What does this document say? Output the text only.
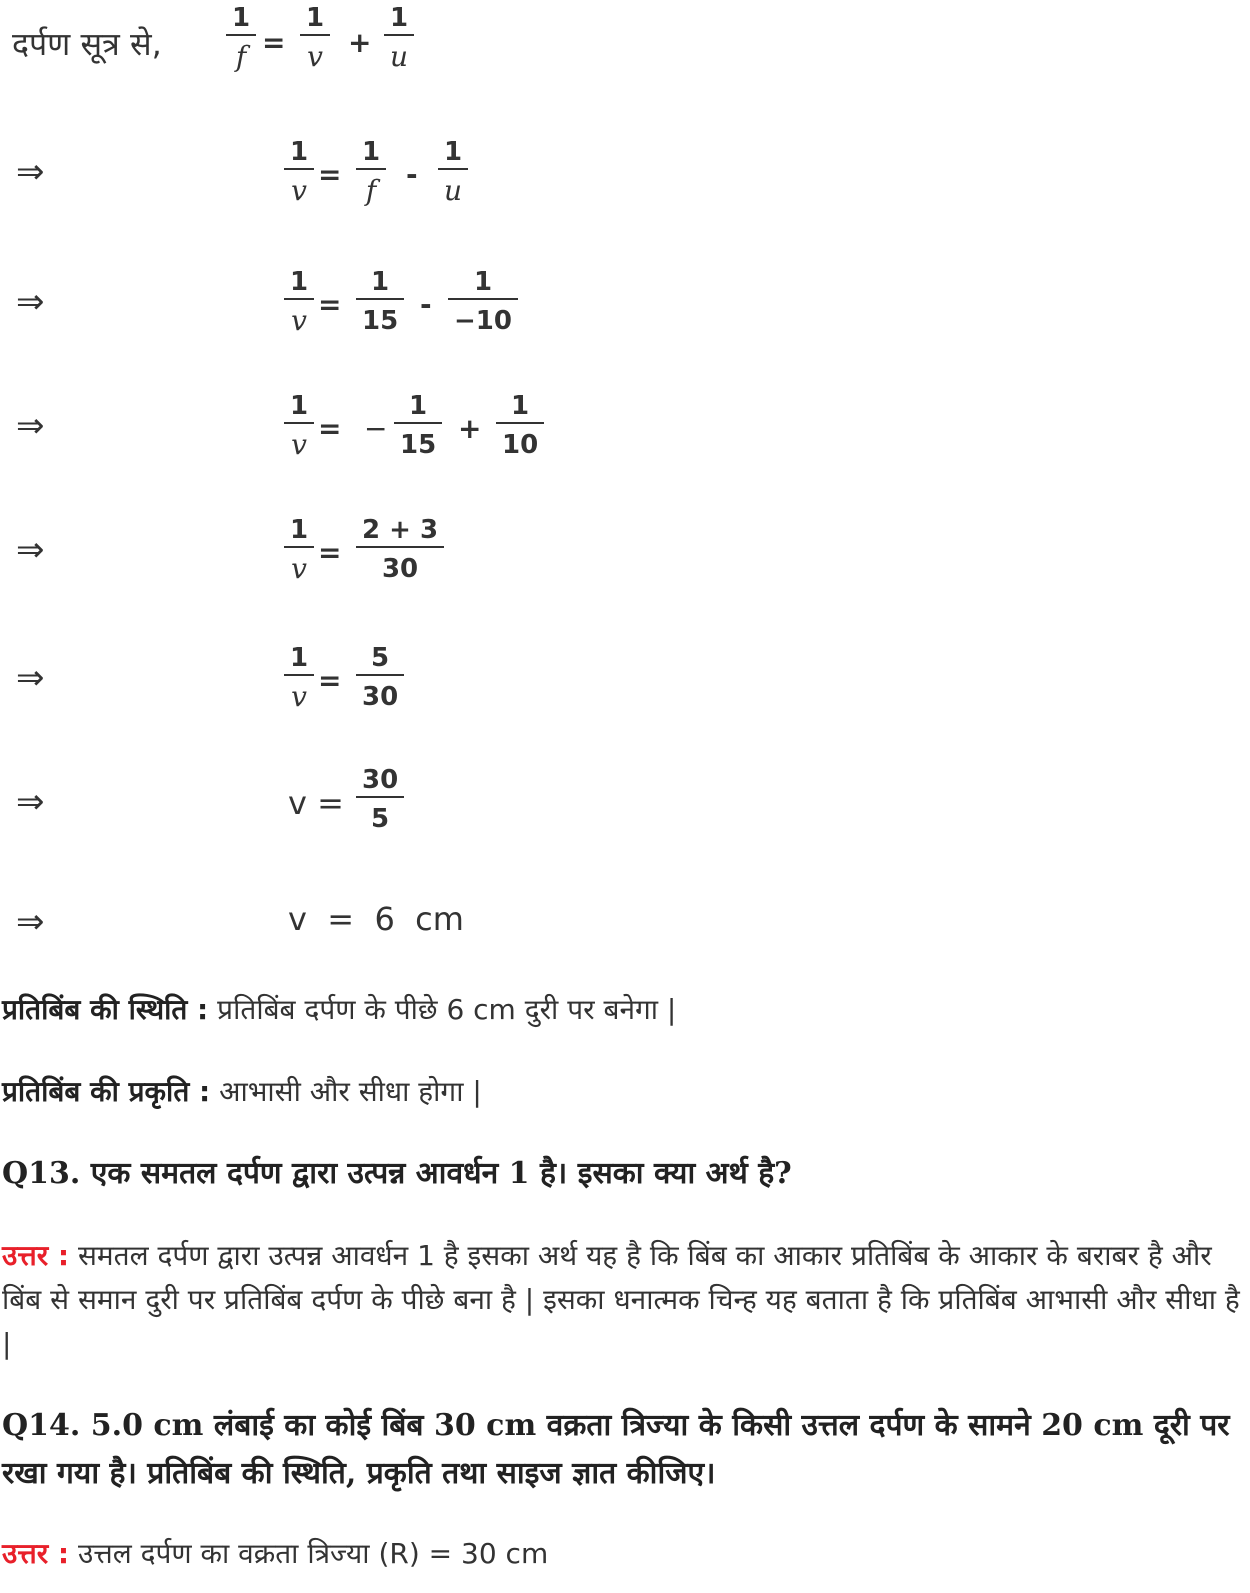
दर्पण सूत्र से,
1
f =
1
v +
1
u
⇒	1
v =
1
f -
1
u
⇒	1
v =
1
15 -
1
−10
⇒	1
v = −
1
15 +
1
10
⇒	1
v =
2 + 3
30
⇒	1
v =
5
30
⇒	v =
30
5
⇒	v  =  6  cm
प्रतिबिंब की स्थिति : प्रतिबिंब दर्पण के पीछे 6 cm दुरी पर बनेगा |
प्रतिबिंब की प्रकृति : आभासी और सीधा होगा |
Q13. एक समतल दर्पण द्वारा उत्पन्न आवर्धन 1 है। इसका क्या अर्थ है?
उत्तर : समतल दर्पण द्वारा उत्पन्न आवर्धन 1 है इसका अर्थ यह है कि बिंब का आकार प्रतिबिंब के आकार के बराबर है और बिंब से समान दुरी पर प्रतिबिंब दर्पण के पीछे बना है | इसका धनात्मक चिन्ह यह बताता है कि प्रतिबिंब आभासी और सीधा है |
Q14. 5.0 cm लंबाई का कोई बिंब 30 cm वक्रता त्रिज्या के किसी उत्तल दर्पण के सामने 20 cm दूरी पर रखा गया है। प्रतिबिंब की स्थिति, प्रकृति तथा साइज ज्ञात कीजिए।
उत्तर : उत्तल दर्पण का वक्रता त्रिज्या (R) = 30 cm
